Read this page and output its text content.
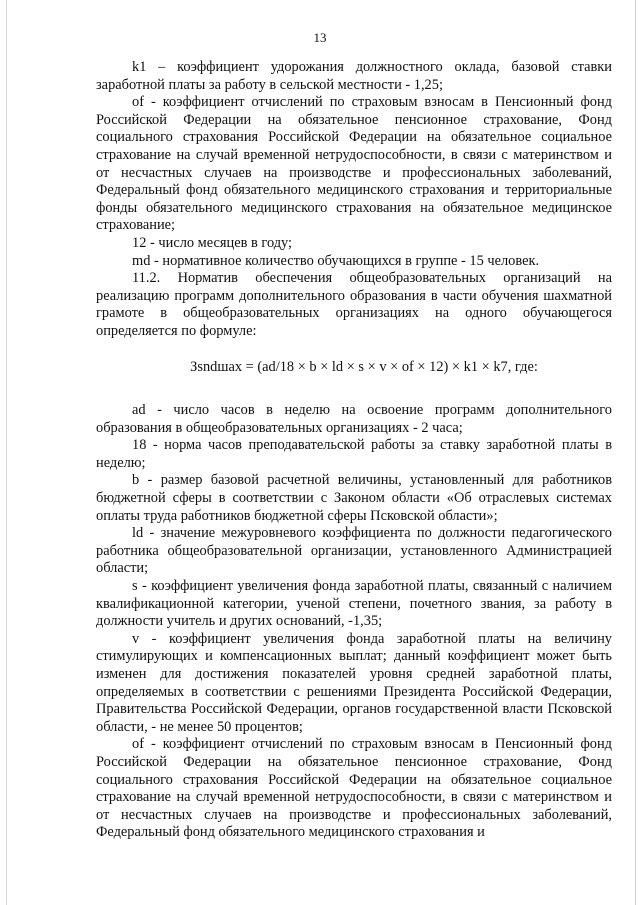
13

k1 – коэффициент удорожания должностного оклада, базовой ставки заработной платы за работу в сельской местности - 1,25;

of - коэффициент отчислений по страховым взносам в Пенсионный фонд Российской Федерации на обязательное пенсионное страхование, Фонд социального страхования Российской Федерации на обязательное социальное страхование на случай временной нетрудоспособности, в связи с материнством и от несчастных случаев на производстве и профессиональных заболеваний, Федеральный фонд обязательного медицинского страхования и территориальные фонды обязательного медицинского страхования на обязательное медицинское страхование;

12 - число месяцев в году;

md - нормативное количество обучающихся в группе - 15 человек.

11.2. Норматив обеспечения общеобразовательных организаций на реализацию программ дополнительного образования в части обучения шахматной грамоте в общеобразовательных организациях на одного обучающегося определяется по формуле:

Зsndшах = (ad/18 × b × ld × s × v × of × 12) × k1 × k7, где:

ad - число часов в неделю на освоение программ дополнительного образования в общеобразовательных организациях - 2 часа;

18 - норма часов преподавательской работы за ставку заработной платы в неделю;

b - размер базовой расчетной величины, установленный для работников бюджетной сферы в соответствии с Законом области «Об отраслевых системах оплаты труда работников бюджетной сферы Псковской области»;

ld - значение межуровневого коэффициента по должности педагогического работника общеобразовательной организации, установленного Администрацией области;

s - коэффициент увеличения фонда заработной платы, связанный с наличием квалификационной категории, ученой степени, почетного звания, за работу в должности учитель и других оснований, -1,35;

v - коэффициент увеличения фонда заработной платы на величину стимулирующих и компенсационных выплат; данный коэффициент может быть изменен для достижения показателей уровня средней заработной платы, определяемых в соответствии с решениями Президента Российской Федерации, Правительства Российской Федерации, органов государственной власти Псковской области, - не менее 50 процентов;

of - коэффициент отчислений по страховым взносам в Пенсионный фонд Российской Федерации на обязательное пенсионное страхование, Фонд социального страхования Российской Федерации на обязательное социальное страхование на случай временной нетрудоспособности, в связи с материнством и от несчастных случаев на производстве и профессиональных заболеваний, Федеральный фонд обязательного медицинского страхования и
